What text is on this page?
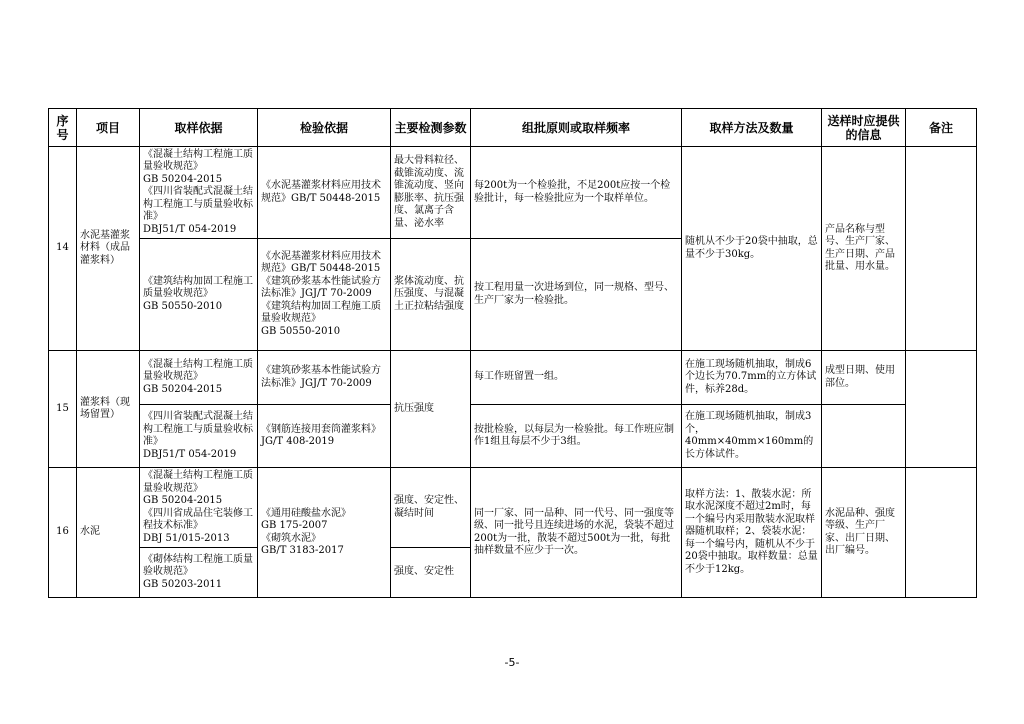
序号	项目	取样依据	检验依据	主要检测参数	组批原则或取样频率	取样方法及数量	送样时应提供的信息	备注
14	水泥基灌浆材料（成品灌浆料）	《混凝土结构工程施工质量验收规范》
GB 50204-2015
《四川省装配式混凝土结构工程施工与质量验收标准》
DBJ51/T 054-2019	《水泥基灌浆材料应用技术规范》GB/T 50448-2015	最大骨料粒径、截锥流动度、流锥流动度、竖向膨胀率、抗压强度、氯离子含量、泌水率	每200t为一个检验批，不足200t应按一个检验批计，每一检验批应为一个取样单位。	随机从不少于20袋中抽取，总量不少于30kg。	产品名称与型号、生产厂家、生产日期、产品批量、用水量。	
		《建筑结构加固工程施工质量验收规范》
GB 50550-2010	《水泥基灌浆材料应用技术规范》GB/T 50448-2015
《建筑砂浆基本性能试验方法标准》JGJ/T 70-2009
《建筑结构加固工程施工质量验收规范》
GB 50550-2010	浆体流动度、抗压强度、与混凝土正拉粘结强度	按工程用量一次进场到位，同一规格、型号、生产厂家为一检验批。			
15	灌浆料（现场留置）	《混凝土结构工程施工质量验收规范》
GB 50204-2015	《建筑砂浆基本性能试验方法标准》JGJ/T 70-2009	抗压强度	每工作班留置一组。	在施工现场随机抽取，制成6个边长为70.7mm的立方体试件，标养28d。	成型日期、使用部位。	
		《四川省装配式混凝土结构工程施工与质量验收标准》
DBJ51/T 054-2019	《钢筋连接用套筒灌浆料》
JG/T 408-2019		按批检验，以每层为一检验批。每工作班应制作1组且每层不少于3组。	在施工现场随机抽取，制成3个，
40mm×40mm×160mm的长方体试件。		
16	水泥	《混凝土结构工程施工质量验收规范》
GB 50204-2015
《四川省成品住宅装修工程技术标准》
DBJ 51/015-2013	《通用硅酸盐水泥》
GB 175-2007
《砌筑水泥》
GB/T 3183-2017	强度、安定性、凝结时间	同一厂家、同一品种、同一代号、同一强度等级、同一批号且连续进场的水泥，袋装不超过200t为一批，散装不超过500t为一批，每批抽样数量不应少于一次。	取样方法：1、散装水泥：所取水泥深度不超过2m时，每一个编号内采用散装水泥取样器随机取样；2、袋装水泥：每一个编号内，随机从不少于20袋中抽取。取样数量：总量不少于12kg。	水泥品种、强度等级、生产厂家、出厂日期、出厂编号。	
		《砌体结构工程施工质量验收规范》
GB 50203-2011		强度、安定性				
-5-
